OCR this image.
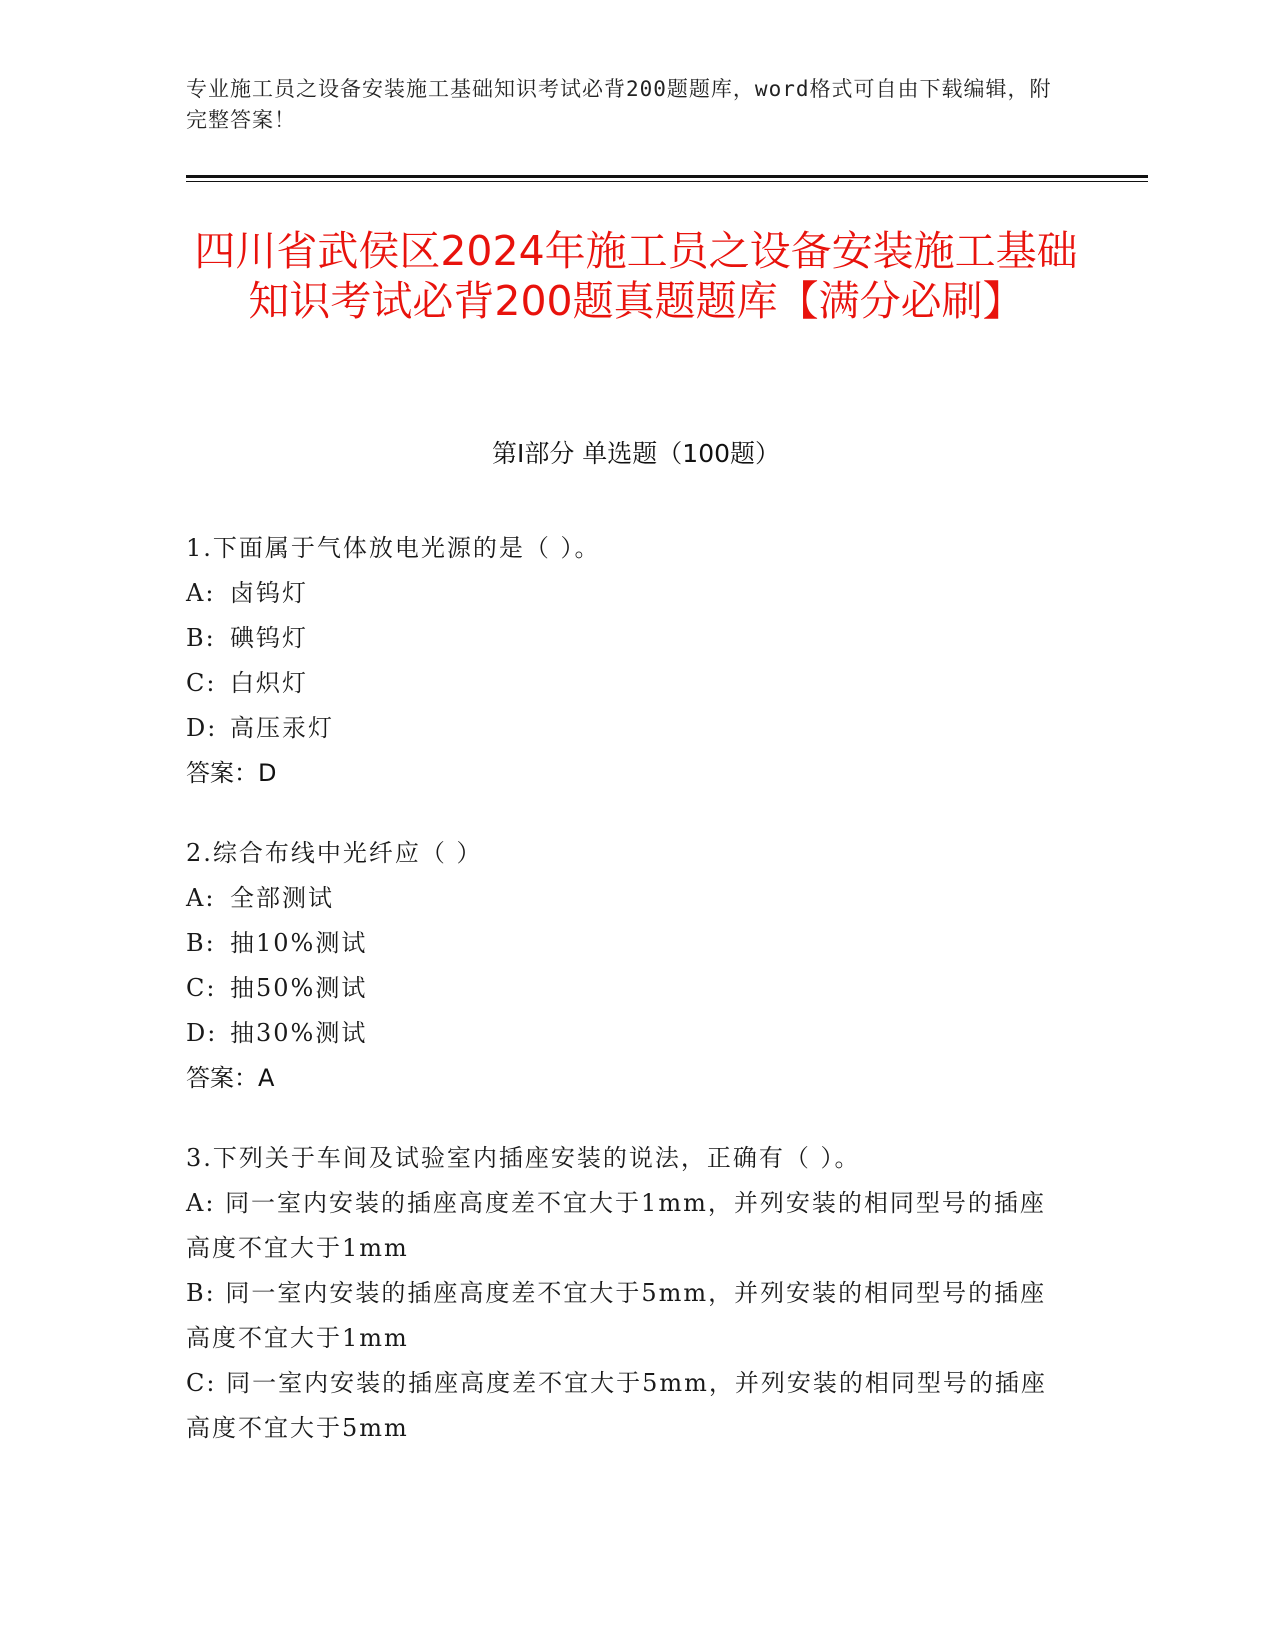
专业施工员之设备安装施工基础知识考试必背200题题库，word格式可自由下载编辑，附完整答案！
四川省武侯区2024年施工员之设备安装施工基础知识考试必背200题真题题库【满分必刷】
第I部分 单选题（100题）

1.下面属于气体放电光源的是（ ）。

A: 卤钨灯

B: 碘钨灯

C: 白炽灯

D: 高压汞灯

答案：D

2.综合布线中光纤应（ ）

A: 全部测试

B: 抽10%测试

C: 抽50%测试

D: 抽30%测试

答案：A

3.下列关于车间及试验室内插座安装的说法，正确有（ ）。

A: 同一室内安装的插座高度差不宜大于1mm，并列安装的相同型号的插座高度不宜大于1mm

B: 同一室内安装的插座高度差不宜大于5mm，并列安装的相同型号的插座高度不宜大于1mm

C: 同一室内安装的插座高度差不宜大于5mm，并列安装的相同型号的插座高度不宜大于5mm
